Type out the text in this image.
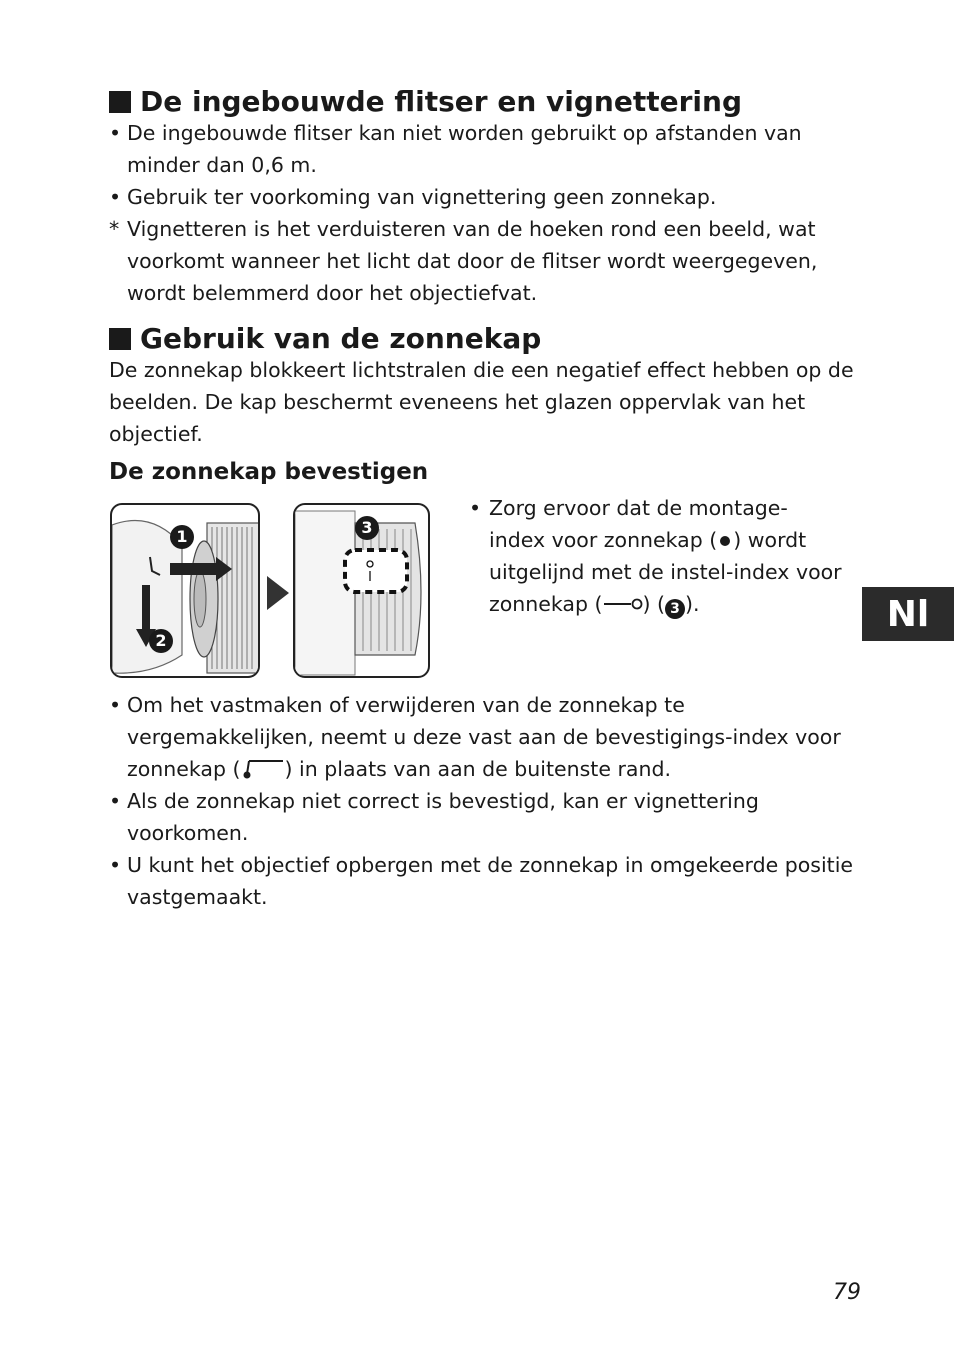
De ingebouwde flitser en vignettering
• De ingebouwde flitser kan niet worden gebruikt op afstanden van
minder dan 0,6 m.
• Gebruik ter voorkoming van vignettering geen zonnekap.
* Vignetteren is het verduisteren van de hoeken rond een beeld, wat
voorkomt wanneer het licht dat door de flitser wordt weergegeven,
wordt belemmerd door het objectiefvat.
Gebruik van de zonnekap
De zonnekap blokkeert lichtstralen die een negatief effect hebben op de
beelden. De kap beschermt eveneens het glazen oppervlak van het
objectief.
De zonnekap bevestigen
1
2
3
• Zorg ervoor dat de montage-
index voor zonnekap ( ) wordt
uitgelijnd met de instel-index voor
zonnekap ( ) ( 3 ).
• Om het vastmaken of verwijderen van de zonnekap te
vergemakkelijken, neemt u deze vast aan de bevestigings-index voor
zonnekap ( ) in plaats van aan de buitenste rand.
• Als de zonnekap niet correct is bevestigd, kan er vignettering
voorkomen.
• U kunt het objectief opbergen met de zonnekap in omgekeerde positie
vastgemaakt.
Nl
79
